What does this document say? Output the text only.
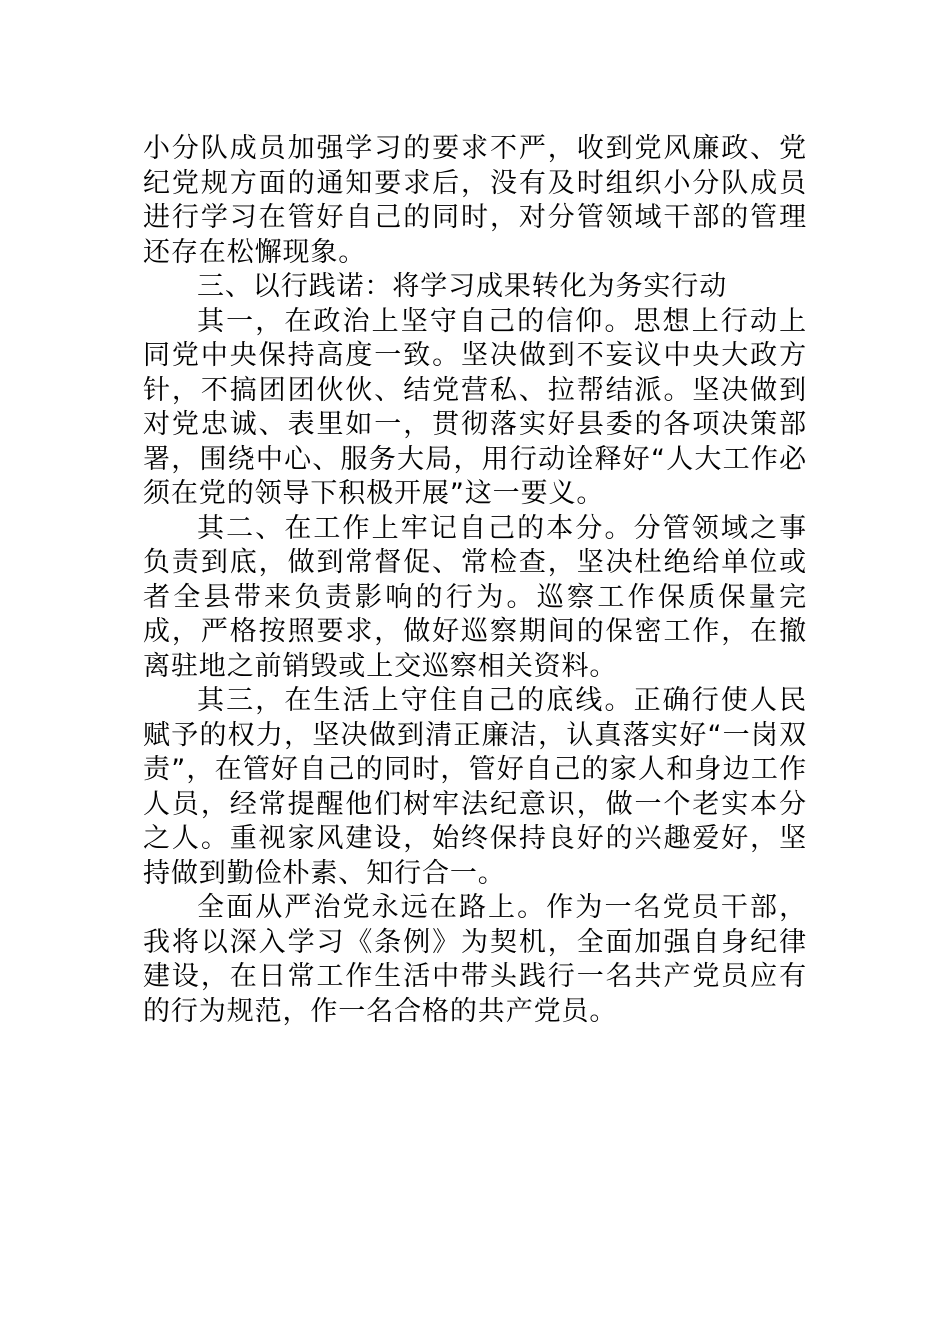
小分队成员加强学习的要求不严，收到党风廉政、党纪党规方面的通知要求后，没有及时组织小分队成员进行学习在管好自己的同时，对分管领域干部的管理还存在松懈现象。

三、以行践诺：将学习成果转化为务实行动

其一，在政治上坚守自己的信仰。思想上行动上同党中央保持高度一致。坚决做到不妄议中央大政方针，不搞团团伙伙、结党营私、拉帮结派。坚决做到对党忠诚、表里如一，贯彻落实好县委的各项决策部署，围绕中心、服务大局，用行动诠释好“人大工作必须在党的领导下积极开展”这一要义。

其二、在工作上牢记自己的本分。分管领域之事负责到底，做到常督促、常检查，坚决杜绝给单位或者全县带来负责影响的行为。巡察工作保质保量完成，严格按照要求，做好巡察期间的保密工作，在撤离驻地之前销毁或上交巡察相关资料。

其三，在生活上守住自己的底线。正确行使人民赋予的权力，坚决做到清正廉洁，认真落实好“一岗双责”，在管好自己的同时，管好自己的家人和身边工作人员，经常提醒他们树牢法纪意识，做一个老实本分之人。重视家风建设，始终保持良好的兴趣爱好，坚持做到勤俭朴素、知行合一。

全面从严治党永远在路上。作为一名党员干部，我将以深入学习《条例》为契机，全面加强自身纪律建设，在日常工作生活中带头践行一名共产党员应有的行为规范，作一名合格的共产党员。
